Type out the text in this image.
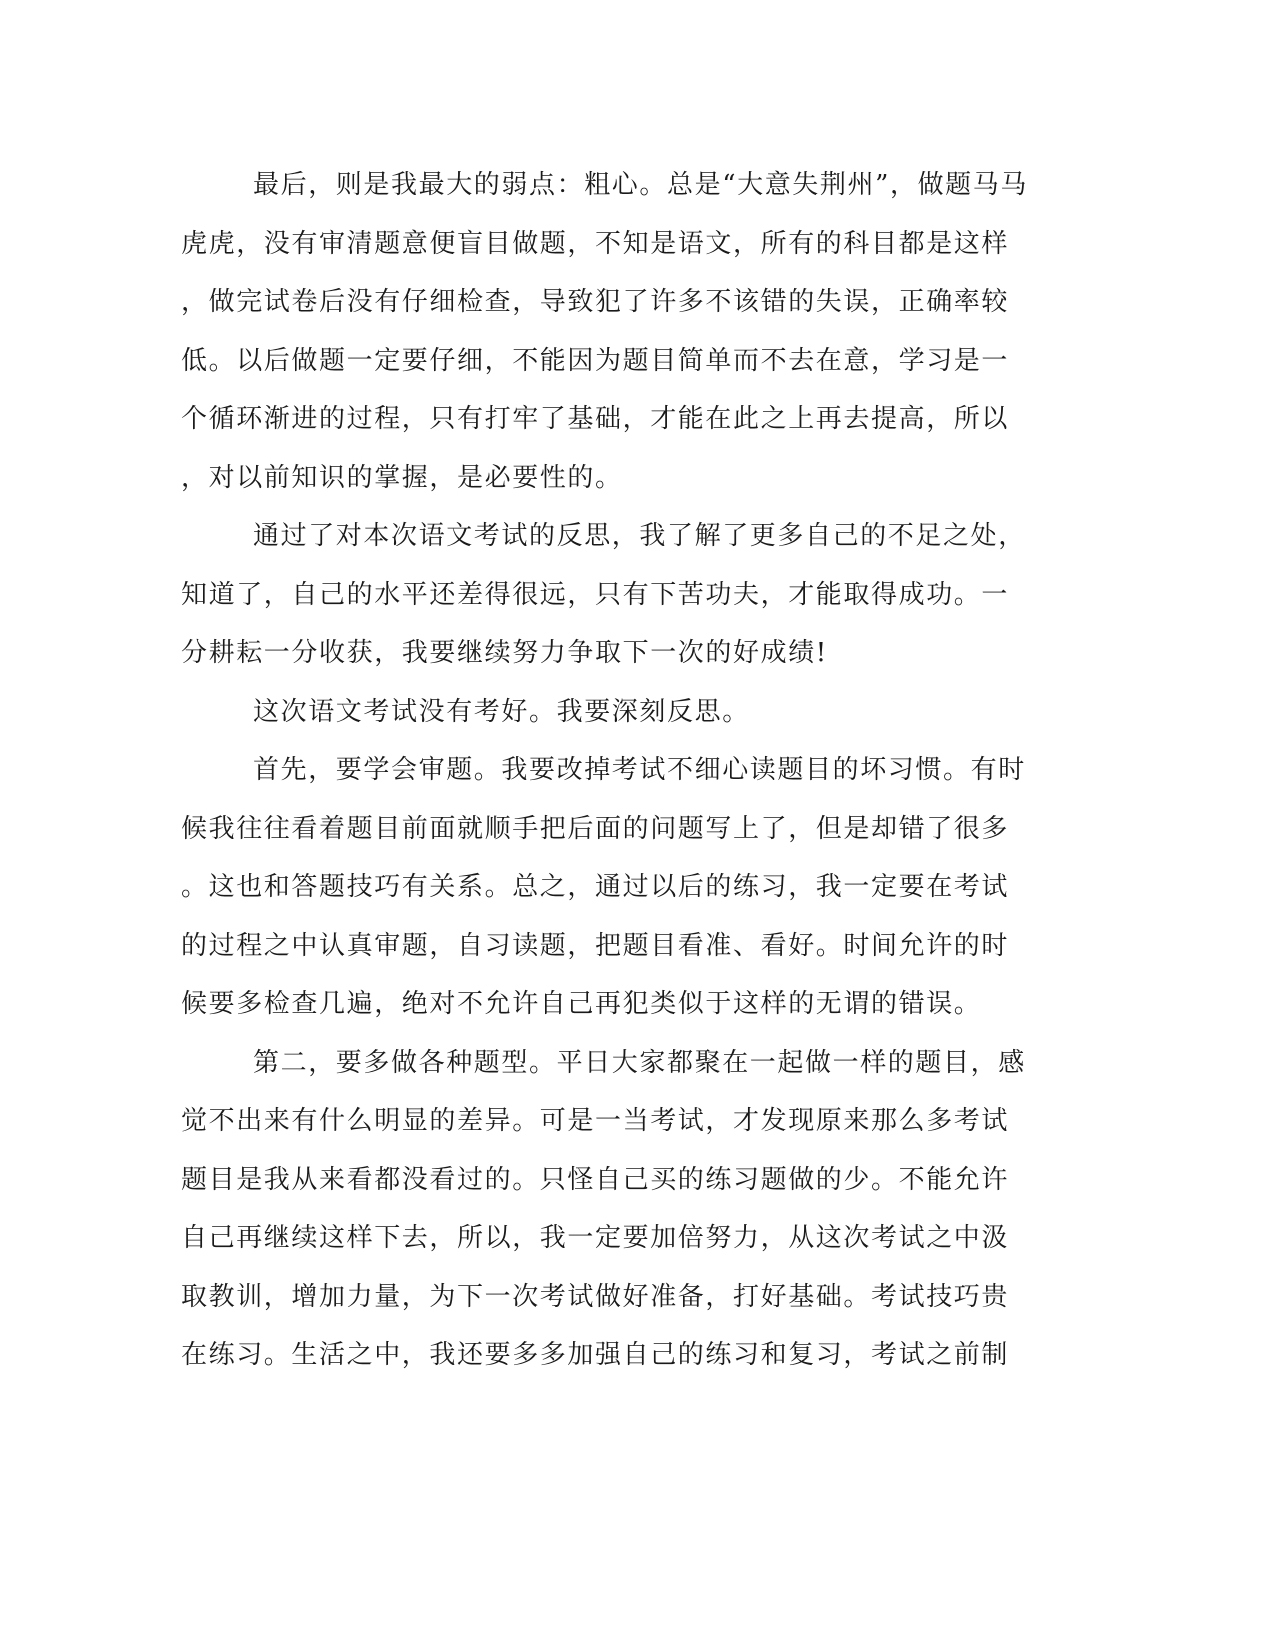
最后，则是我最大的弱点：粗心。总是“大意失荆州”，做题马马
虎虎，没有审清题意便盲目做题，不知是语文，所有的科目都是这样
，做完试卷后没有仔细检查，导致犯了许多不该错的失误，正确率较
低。以后做题一定要仔细，不能因为题目简单而不去在意，学习是一
个循环渐进的过程，只有打牢了基础，才能在此之上再去提高，所以
，对以前知识的掌握，是必要性的。
通过了对本次语文考试的反思，我了解了更多自己的不足之处，
知道了，自己的水平还差得很远，只有下苦功夫，才能取得成功。一
分耕耘一分收获，我要继续努力争取下一次的好成绩!
这次语文考试没有考好。我要深刻反思。
首先，要学会审题。我要改掉考试不细心读题目的坏习惯。有时
候我往往看着题目前面就顺手把后面的问题写上了，但是却错了很多
。这也和答题技巧有关系。总之，通过以后的练习，我一定要在考试
的过程之中认真审题，自习读题，把题目看准、看好。时间允许的时
候要多检查几遍，绝对不允许自己再犯类似于这样的无谓的错误。
第二，要多做各种题型。平日大家都聚在一起做一样的题目，感
觉不出来有什么明显的差异。可是一当考试，才发现原来那么多考试
题目是我从来看都没看过的。只怪自己买的练习题做的少。不能允许
自己再继续这样下去，所以，我一定要加倍努力，从这次考试之中汲
取教训，增加力量，为下一次考试做好准备，打好基础。考试技巧贵
在练习。生活之中，我还要多多加强自己的练习和复习，考试之前制
